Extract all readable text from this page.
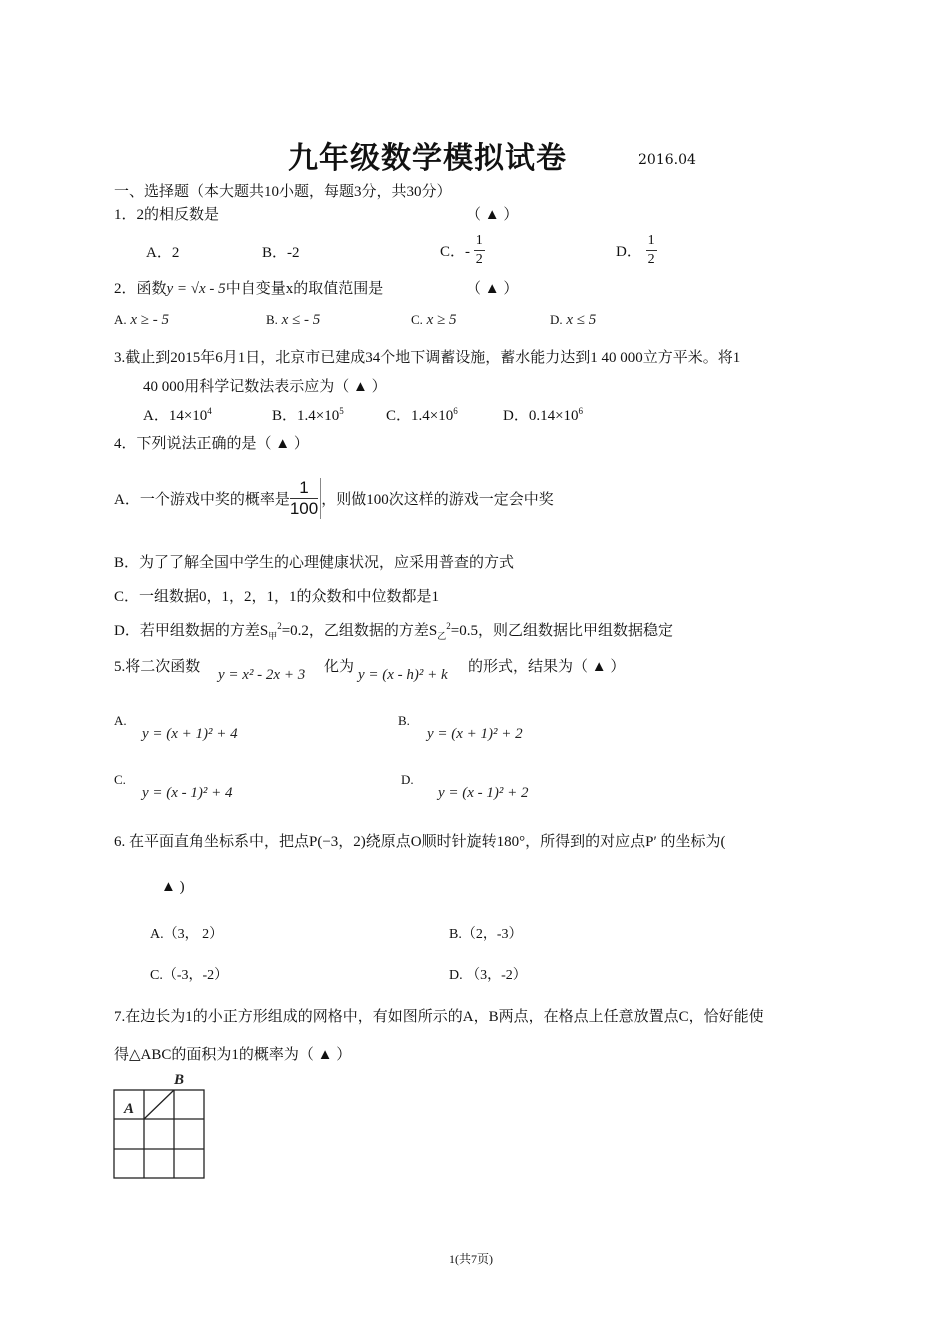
九年级数学模拟试卷	2016.04
一、选择题（本大题共10小题，每题3分，共30分）
1．2的相反数是	（ ▲ ）
A．2	B．-2	C．- $\frac{1}{2}$	D． $\frac{1}{2}$
2．函数y = √x - 5中自变量x的取值范围是	（ ▲ ）
A. x ≥ - 5	B. x ≤ - 5	C. x ≥ 5	D. x ≤ 5
3.截止到2015年6月1日，北京市已建成34个地下调蓄设施，蓄水能力达到1 40 000立方平米。将1
40 000用科学记数法表示应为（ ▲ ）
A．$14\times 10^4$	B．$1.4\times 10^5$	C．$1.4\times 10^6$	D．$0.14\times 10^6$
4．下列说法正确的是（ ▲ ）
A．一个游戏中奖的概率是 $\frac{1}{100}$ ，则做100次这样的游戏一定会中奖
B．为了了解全国中学生的心理健康状况，应采用普查的方式
C．一组数据0，1，2，1，1的众数和中位数都是1
D．若甲组数据的方差$S_甲^2=0.2$，乙组数据的方差$S_乙^2=0.5$，则乙组数据比甲组数据稳定
5.将二次函数 y = x² - 2x + 3 化为 y = (x - h)² + k 的形式，结果为（ ▲ ）
A.
y = (x + 1)² + 4
B.
y = (x + 1)² + 2
C.
y = (x - 1)² + 4
D.
y = (x - 1)² + 2
6. 在平面直角坐标系中，把点P(−3，2)绕原点O顺时针旋转180°，所得到的对应点P′ 的坐标为(
▲ )
A.（3， 2）	B.（2，-3）
C.（-3，-2）	D. （3，-2）
7.在边长为1的小正方形组成的网格中，有如图所示的A，B两点，在格点上任意放置点C，恰好能使
得△ABC的面积为1的概率为（ ▲ ）
A
B
1(共7页)
